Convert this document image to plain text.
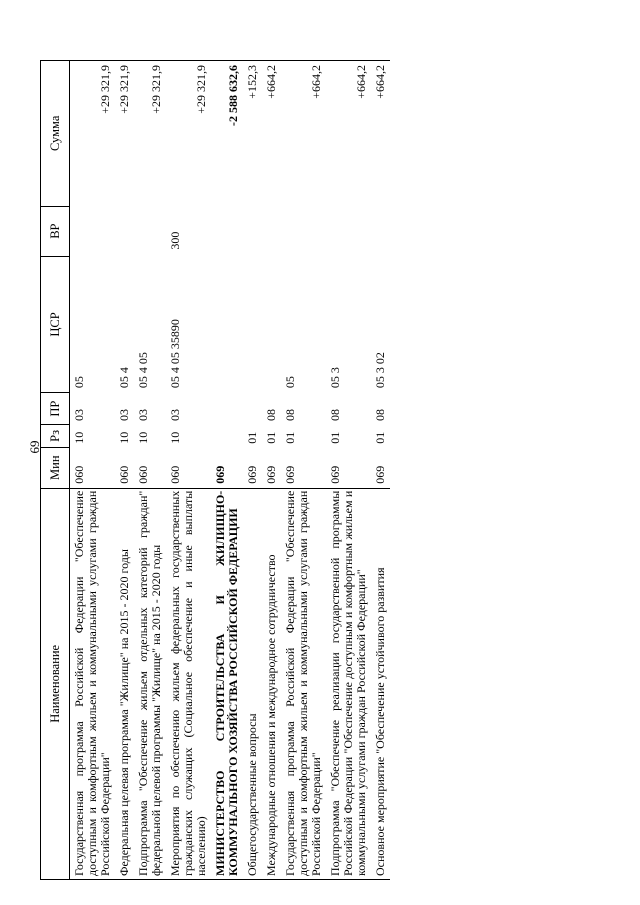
69
Наименование	Мин	Рз	ПР	ЦСР	ВР	Сумма
Государственная программа Российской Федерации "Обеспечение доступным и комфортным жильем и коммунальными услугами граждан Российской Федерации"	060	10	03	05		+29 321,9
Федеральная целевая программа "Жилище" на 2015 - 2020 годы	060	10	03	05 4		+29 321,9
Подпрограмма "Обеспечение жильем отдельных категорий граждан" федеральной целевой программы "Жилище" на 2015 - 2020 годы	060	10	03	05 4 05		+29 321,9
Мероприятия по обеспечению жильем федеральных государственных гражданских служащих (Социальное обеспечение и иные выплаты населению)	060	10	03	05 4 05 35890	300	+29 321,9
МИНИСТЕРСТВО СТРОИТЕЛЬСТВА И ЖИЛИЩНО-КОММУНАЛЬНОГО ХОЗЯЙСТВА РОССИЙСКОЙ ФЕДЕРАЦИИ	069					-2 588 632,6
Общегосударственные вопросы	069	01				+152,3
Международные отношения и международное сотрудничество	069	01	08			+664,2
Государственная программа Российской Федерации "Обеспечение доступным и комфортным жильем и коммунальными услугами граждан Российской Федерации"	069	01	08	05		+664,2
Подпрограмма "Обеспечение реализации государственной программы Российской Федерации "Обеспечение доступным и комфортным жильем и коммунальными услугами граждан Российской Федерации"	069	01	08	05 3		+664,2
Основное мероприятие "Обеспечение устойчивого развития	069	01	08	05 3 02		+664,2
